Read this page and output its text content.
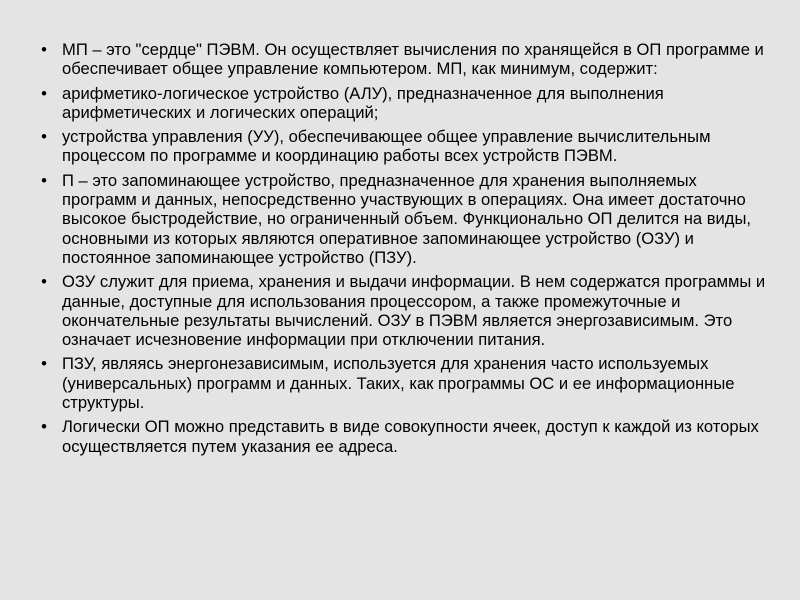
• МП – это "сердце" ПЭВМ. Он осуществляет вычисления по хранящейся в ОП программе и обеспечивает общее управление компьютером. МП, как минимум, содержит:
• арифметико-логическое устройство (АЛУ), предназначенное для выполнения арифметических и логических операций;
• устройства управления (УУ), обеспечивающее общее управление вычислительным процессом по программе и координацию работы всех устройств ПЭВМ.
• П – это запоминающее устройство, предназначенное для хранения выполняемых программ и данных, непосредственно участвующих в операциях. Она имеет достаточно высокое быстродействие, но ограниченный объем. Функционально ОП делится на виды, основными из которых являются оперативное запоминающее устройство (ОЗУ) и постоянное запоминающее устройство (ПЗУ).
• ОЗУ служит для приема, хранения и выдачи информации. В нем содержатся программы и данные, доступные для использования процессором, а также промежуточные и окончательные результаты вычислений. ОЗУ в ПЭВМ является энергозависимым. Это означает исчезновение информации при отключении питания.
• ПЗУ, являясь энергонезависимым, используется для хранения часто используемых (универсальных) программ и данных. Таких, как программы ОС и ее информационные структуры.
• Логически ОП можно представить в виде совокупности ячеек, доступ к каждой из которых осуществляется путем указания ее адреса.
